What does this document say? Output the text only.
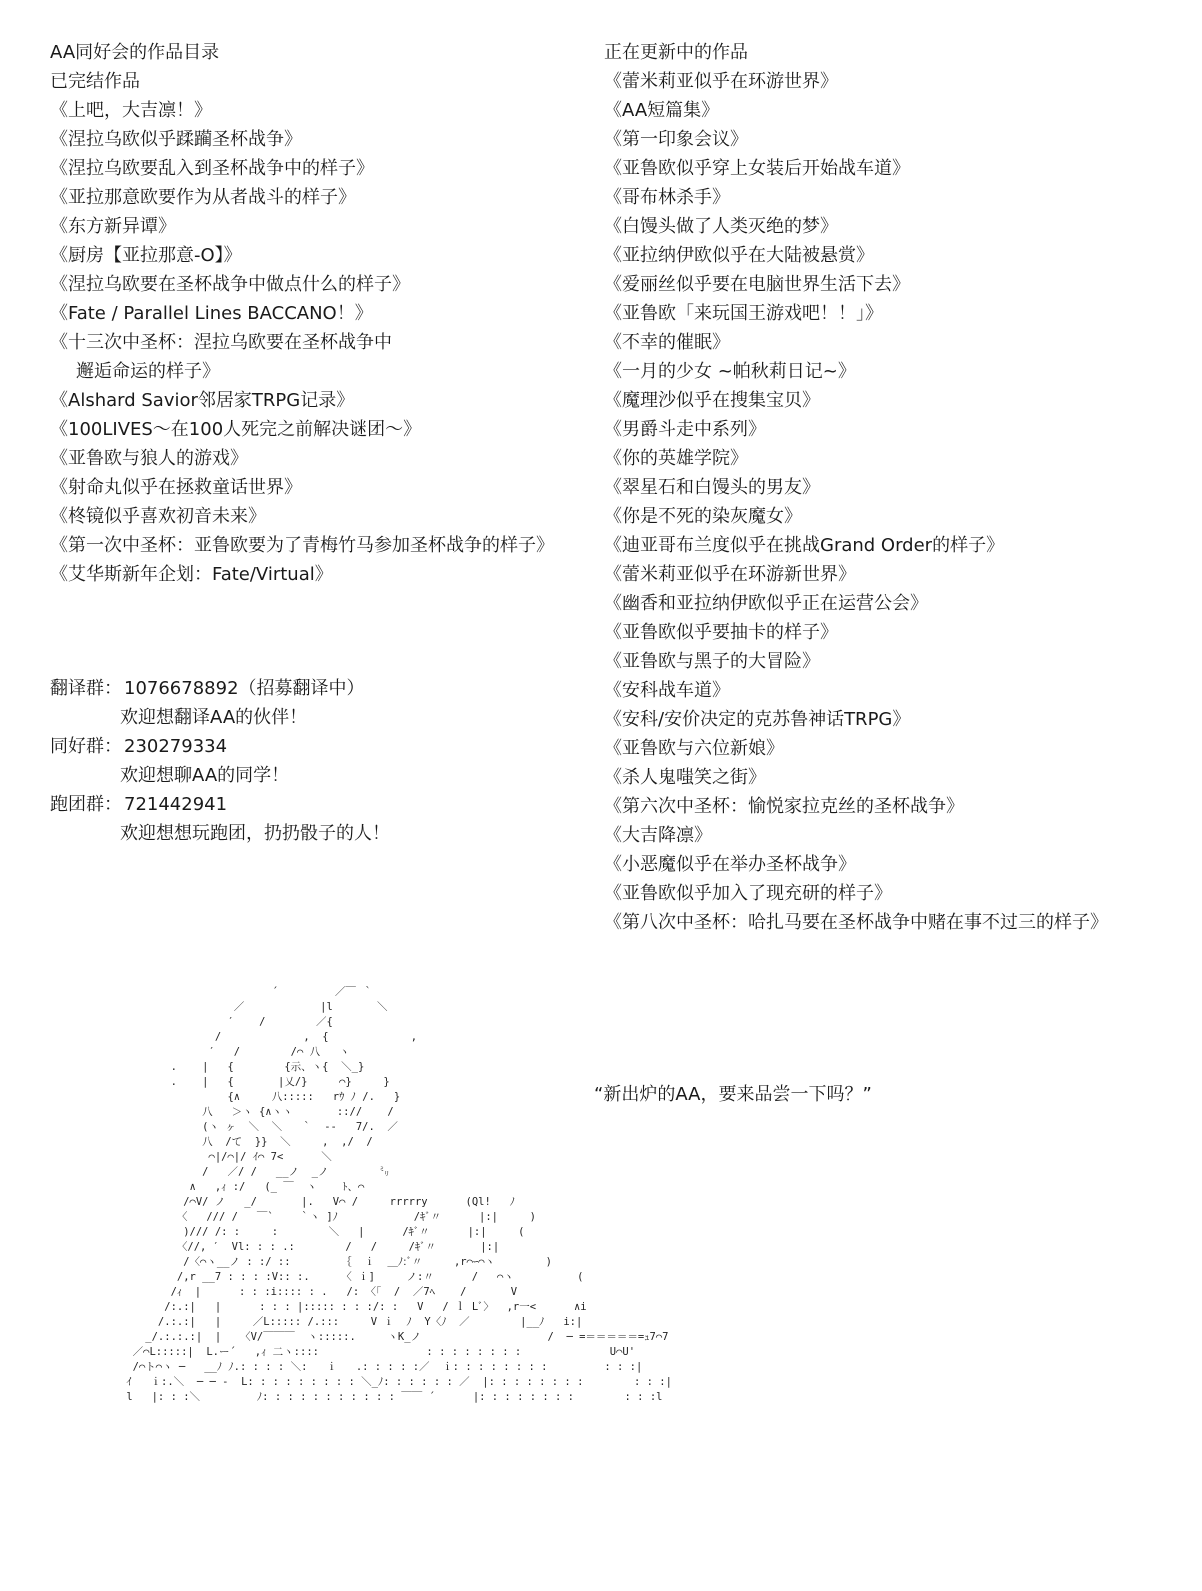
AA同好会的作品目录
已完结作品
《上吧，大吉凛！》
《涅拉乌欧似乎蹂躏圣杯战争》
《涅拉乌欧要乱入到圣杯战争中的样子》
《亚拉那意欧要作为从者战斗的样子》
《东方新异谭》
《厨房【亚拉那意-O】》
《涅拉乌欧要在圣杯战争中做点什么的样子》
《Fate / Parallel Lines BACCANO！》
《十三次中圣杯：涅拉乌欧要在圣杯战争中
邂逅命运的样子》
《Alshard Savior邻居家TRPG记录》
《100LIVES～在100人死完之前解决谜团～》
《亚鲁欧与狼人的游戏》
《射命丸似乎在拯救童话世界》
《柊镜似乎喜欢初音未来》
《第一次中圣杯：亚鲁欧要为了青梅竹马参加圣杯战争的样子》
《艾华斯新年企划：Fate/Virtual》
翻译群： 1076678892（招募翻译中）
欢迎想翻译AA的伙伴！
同好群： 230279334
欢迎想聊AA的同学！
跑团群： 721442941
欢迎想想玩跑团，扔扔骰子的人！
正在更新中的作品
《蕾米莉亚似乎在环游世界》
《AA短篇集》
《第一印象会议》
《亚鲁欧似乎穿上女装后开始战车道》
《哥布林杀手》
《白馒头做了人类灭绝的梦》
《亚拉纳伊欧似乎在大陆被悬赏》
《爱丽丝似乎要在电脑世界生活下去》
《亚鲁欧「来玩国王游戏吧！！」》
《不幸的催眠》
《一月的少女 ~帕秋莉日记~》
《魔理沙似乎在搜集宝贝》
《男爵斗走中系列》
《你的英雄学院》
《翠星石和白馒头的男友》
《你是不死的染灰魔女》
《迪亚哥布兰度似乎在挑战Grand Order的样子》
《蕾米莉亚似乎在环游新世界》
《幽香和亚拉纳伊欧似乎正在运营公会》
《亚鲁欧似乎要抽卡的样子》
《亚鲁欧与黑子的大冒险》
《安科战车道》
《安科/安价决定的克苏鲁神话TRPG》
《亚鲁欧与六位新娘》
《杀人鬼嗤笑之街》
《第六次中圣杯：愉悦家拉克丝的圣杯战争》
《大吉降凛》
《小恶魔似乎在举办圣杯战争》
《亚鲁欧似乎加入了现充研的样子》
《第八次中圣杯：哈扎马要在圣杯战争中赌在事不过三的样子》
´         ／￣ ｀
／            |l       ＼
′    /        ／{
/             ,  {             ,
′   /        /⌒ 八   ヽ
.    |   {        {示、ヽ{  ＼_}
.    |   {       |乂/}     ⌒}     }
{∧     八:::::   rｳ ﾉ /.   }
八   ＞ヽ {∧ヽヽ       :://    /
(ヽ ヶ  ＼  ＼   ｀  --   7/.  ／
八  /て  }}  ＼     ,  ,/  /
⌒|/⌒|/ ｲ⌒ 7<      ＼
/   ／/ /   __ノ  _ノ        ㍉
∧   ,ｨ :/   (_ ￣  ヽ    ﾄ、⌒
/⌒V/ ノ   _/       |.   V⌒ /     rrrrry      (Ql!   ﾉ
〈   /// /   ￣`    ｀ヽ ]ﾉ            /ｷﾞ〃      |:|     )
)/// /: :     :        ＼   |      /ｷﾞ〃      |:|     (
〈//, ′  Vl: : : .:        /   /     /ｷﾞ〃       |:|
/〈⌒ヽ__ノ : :/ ::        ｛  ｉ  ＿ﾉ:ﾞ〃     ,r⌒ｰ⌒ヽ        )
/,r __7 : : : :V:: :.     〈 ｉ]     ノ:〃      /   ⌒ヽ          (
/ｨ  |      : : :i:::: : .   /: 〈「  /  ／7ﾍ    /       V
/:.:|   |      : : : |::::: : : :/: :   V   / ｌ Lﾞ〉  ,r一<      ∧i
/.:.:|   |     ／L::::: /.:::     V ｉ  ﾉ  Y〈ﾉ  ／        |__ﾉ   i:|
_/.:.:.:|  |   〈V/￣￣￣  ヽ:::::.     ヽK_ノ                    /  ─ =＝＝＝＝＝=ｭ7⌒7
／⌒L:::::|  L.ー´   ,ｨ 二ヽ::::                 : : : : : : : :              U⌒U'
/⌒ト⌒ヽ ─   __ﾉ ﾉ.: : : : ＼:   ｉ   .: : : : :／  ｉ: : : : : : : :         : : :|
ｲ   ｉ:.＼  ─ ─ -  L: : : : : : : : : ＼_ﾉ: : : : : : ／  |: : : : : : : :        : : :|
l   |: : :＼         ﾉ: : : : : : : : : : : ￣￣ ´      |: : : : : : : :        : : :l
“新出炉的AA，要来品尝一下吗？”
